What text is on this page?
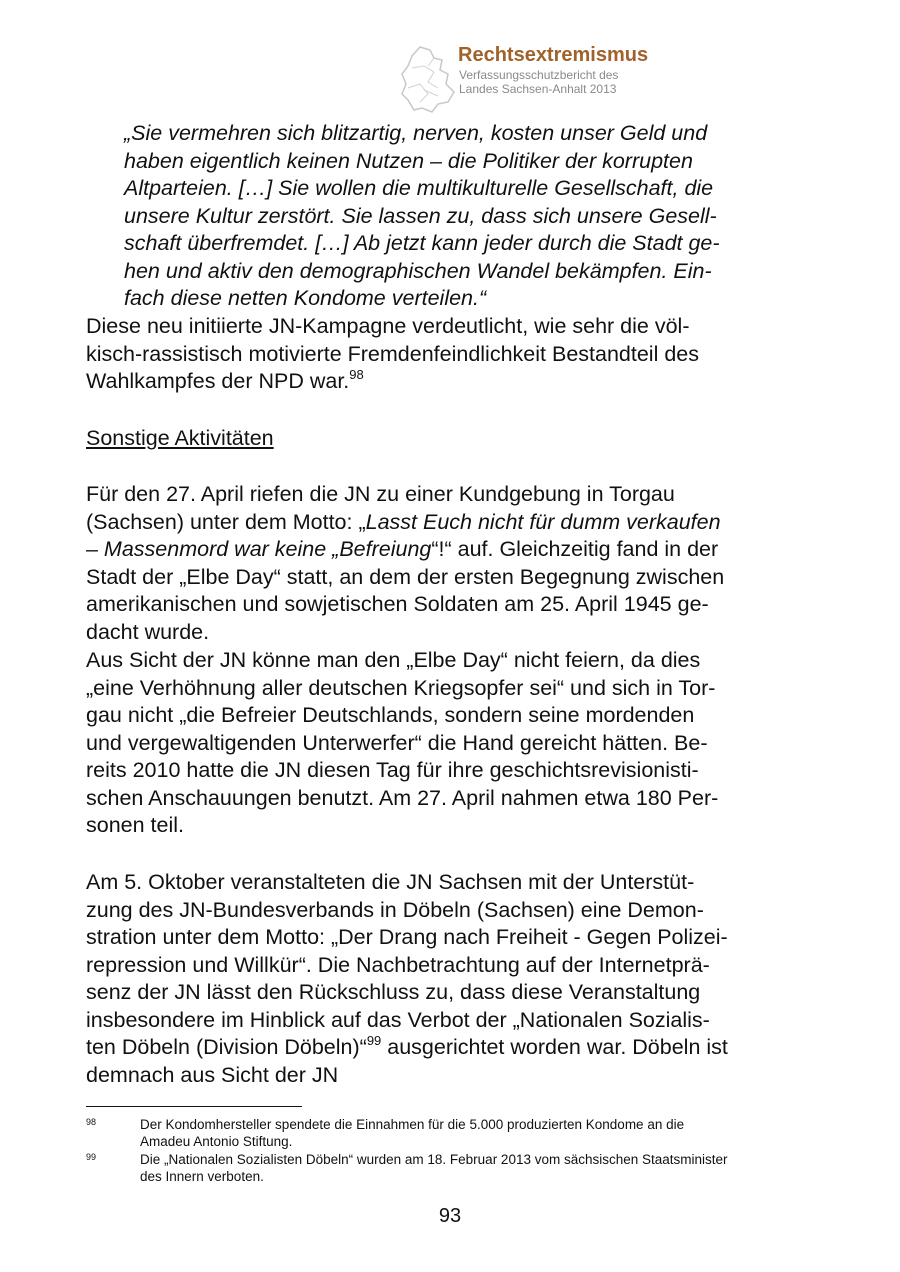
Rechtsextremismus
Verfassungsschutzbericht des
Landes Sachsen-Anhalt 2013
„Sie vermehren sich blitzartig, nerven, kosten unser Geld und
haben eigentlich keinen Nutzen – die Politiker der korrupten
Altparteien. […] Sie wollen die multikulturelle Gesellschaft, die
unsere Kultur zerstört. Sie lassen zu, dass sich unsere Gesell-
schaft überfremdet. […] Ab jetzt kann jeder durch die Stadt ge-
hen und aktiv den demographischen Wandel bekämpfen. Ein-
fach diese netten Kondome verteilen.“
Diese neu initiierte JN-Kampagne verdeutlicht, wie sehr die völ-
kisch-rassistisch motivierte Fremdenfeindlichkeit Bestandteil des
Wahlkampfes der NPD war.$^{98}$
Sonstige Aktivitäten
Für den 27. April riefen die JN zu einer Kundgebung in Torgau
(Sachsen) unter dem Motto: „Lasst Euch nicht für dumm verkaufen
– Massenmord war keine „Befreiung“!“ auf. Gleichzeitig fand in der
Stadt der „Elbe Day“ statt, an dem der ersten Begegnung zwischen
amerikanischen und sowjetischen Soldaten am 25. April 1945 ge-
dacht wurde.
Aus Sicht der JN könne man den „Elbe Day“ nicht feiern, da dies
„eine Verhöhnung aller deutschen Kriegsopfer sei“ und sich in Tor-
gau nicht „die Befreier Deutschlands, sondern seine mordenden
und vergewaltigenden Unterwerfer“ die Hand gereicht hätten. Be-
reits 2010 hatte die JN diesen Tag für ihre geschichtsrevisionisti-
schen Anschauungen benutzt. Am 27. April nahmen etwa 180 Per-
sonen teil.
Am 5. Oktober veranstalteten die JN Sachsen mit der Unterstüt-
zung des JN-Bundesverbands in Döbeln (Sachsen) eine Demon-
stration unter dem Motto: „Der Drang nach Freiheit - Gegen Polizei-
repression und Willkür“. Die Nachbetrachtung auf der Internetprä-
senz der JN lässt den Rückschluss zu, dass diese Veranstaltung
insbesondere im Hinblick auf das Verbot der „Nationalen Sozialis-
ten Döbeln (Division Döbeln)“$^{99}$ ausgerichtet worden war. Döbeln ist
demnach aus Sicht der JN
98	Der Kondomhersteller spendete die Einnahmen für die 5.000 produzierten Kondome an die
Amadeu Antonio Stiftung.
99	Die „Nationalen Sozialisten Döbeln“ wurden am 18. Februar 2013 vom sächsischen Staatsminister
des Innern verboten.
93
